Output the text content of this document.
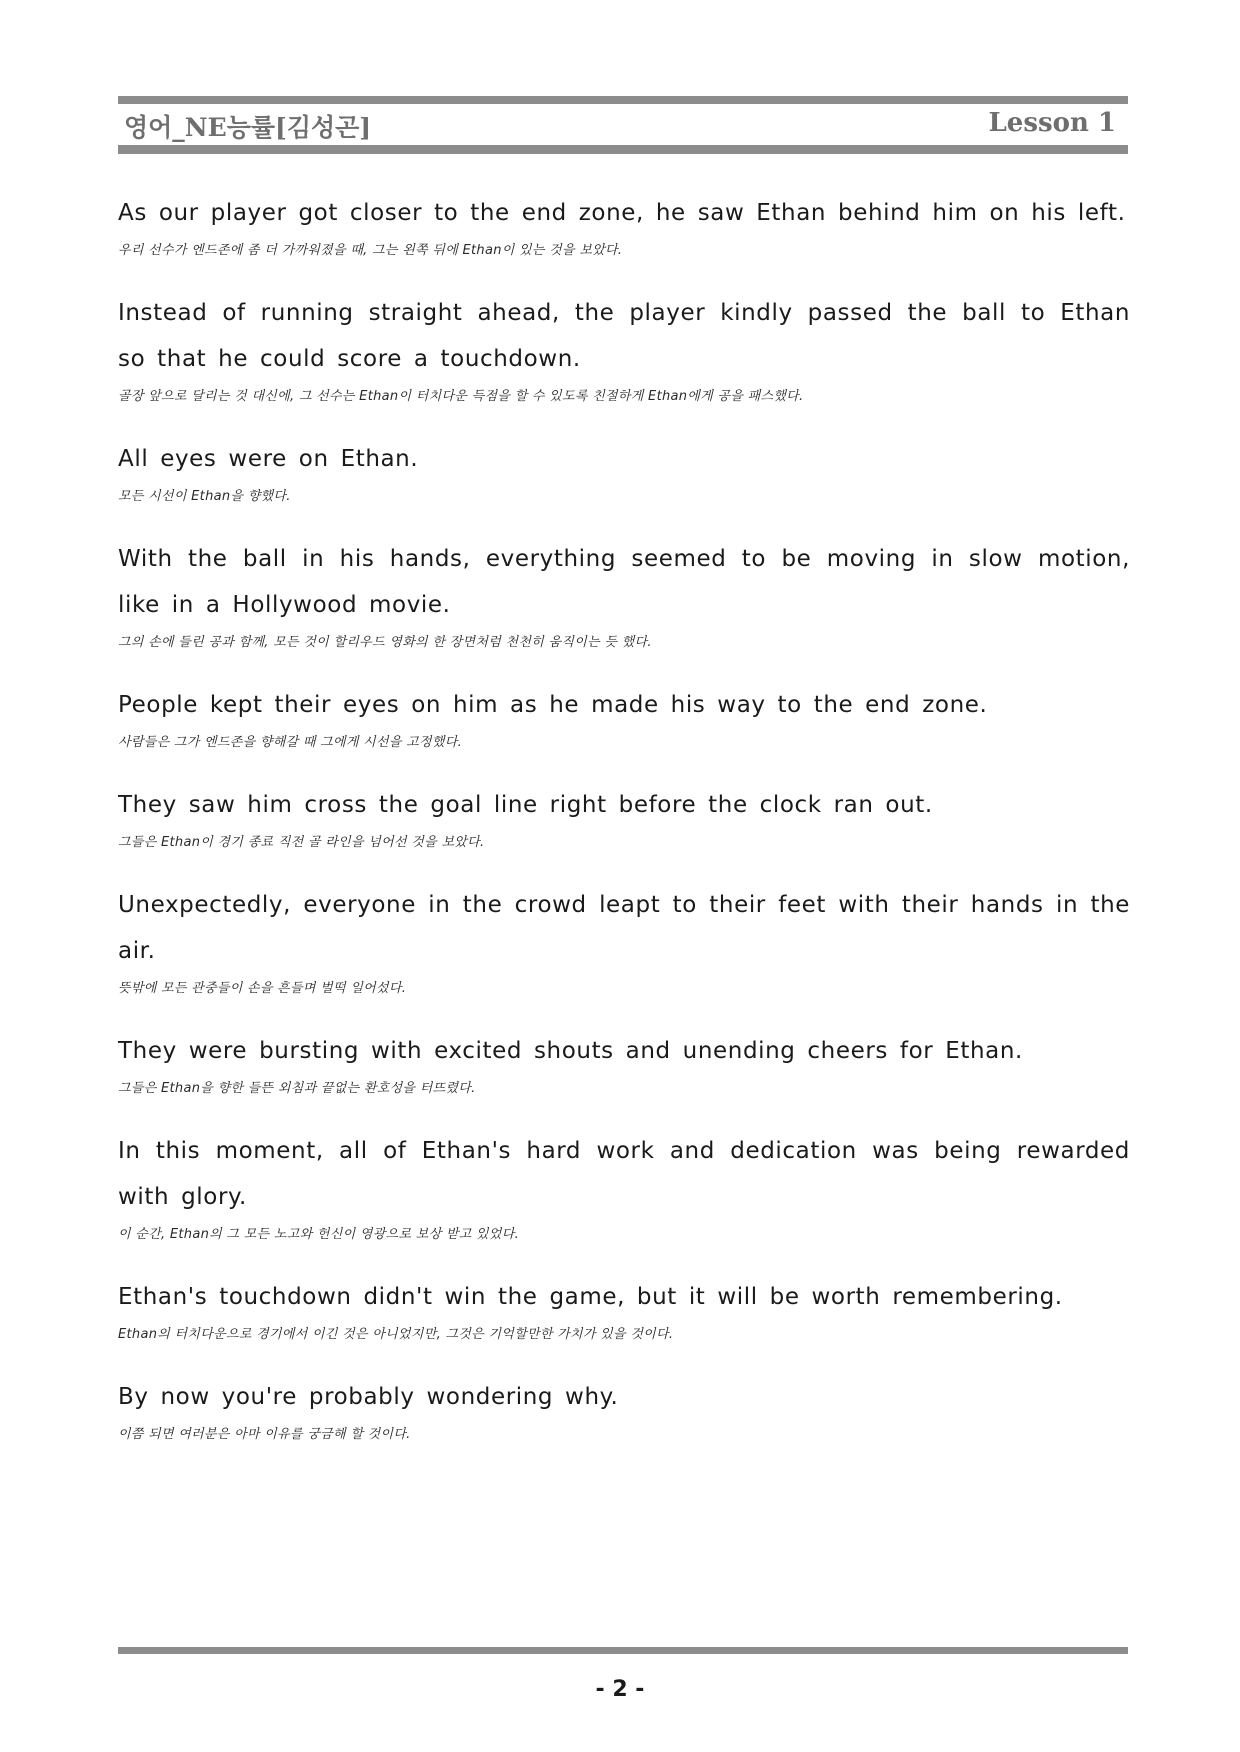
영어_NE능률[김성곤]	Lesson 1
As our player got closer to the end zone, he saw Ethan behind him on his left.
우리 선수가 엔드존에 좀 더 가까워졌을 때, 그는 왼쪽 뒤에 Ethan이 있는 것을 보았다.
Instead of running straight ahead, the player kindly passed the ball to Ethan so that he could score a touchdown.
골장 앞으로 달리는 것 대신에, 그 선수는 Ethan이 터치다운 득점을 할 수 있도록 친절하게 Ethan에게 공을 패스했다.
All eyes were on Ethan.
모든 시선이 Ethan을 향했다.
With the ball in his hands, everything seemed to be moving in slow motion, like in a Hollywood movie.
그의 손에 들린 공과 함께, 모든 것이 할리우드 영화의 한 장면처럼 천천히 움직이는 듯 했다.
People kept their eyes on him as he made his way to the end zone.
사람들은 그가 엔드존을 향해갈 때 그에게 시선을 고정했다.
They saw him cross the goal line right before the clock ran out.
그들은 Ethan이 경기 종료 직전 골 라인을 넘어선 것을 보았다.
Unexpectedly, everyone in the crowd leapt to their feet with their hands in the air.
뜻밖에 모든 관중들이 손을 흔들며 벌떡 일어섰다.
They were bursting with excited shouts and unending cheers for Ethan.
그들은 Ethan을 향한 들뜬 외침과 끝없는 환호성을 터뜨렸다.
In this moment, all of Ethan's hard work and dedication was being rewarded with glory.
이 순간, Ethan의 그 모든 노고와 헌신이 영광으로 보상 받고 있었다.
Ethan's touchdown didn't win the game, but it will be worth remembering.
Ethan의 터치다운으로 경기에서 이긴 것은 아니었지만, 그것은 기억할만한 가치가 있을 것이다.
By now you're probably wondering why.
이쯤 되면 여러분은 아마 이유를 궁금해 할 것이다.
- 2 -
